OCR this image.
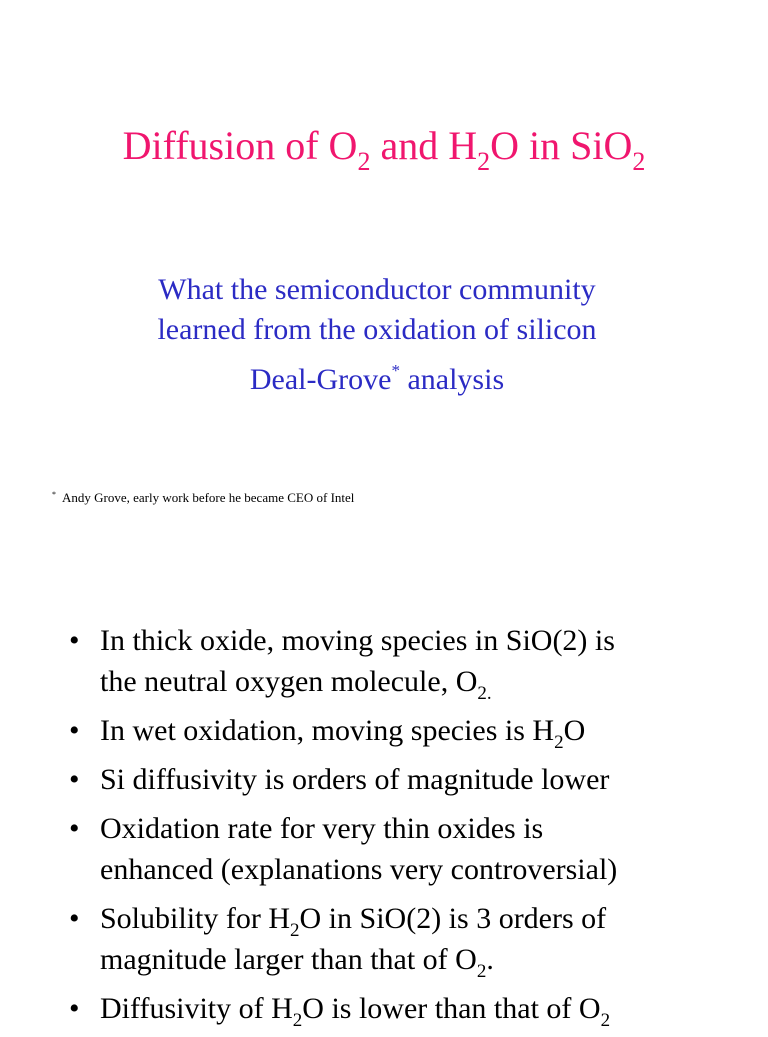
Diffusion of $O_2$ and $H_2O$ in SiO$_2$
What the semiconductor community
learned from the oxidation of silicon
Deal-Grove* analysis
* Andy Grove, early work before he became CEO of Intel
• In thick oxide, moving species in SiO(2) is
the neutral oxygen molecule, $O_{2.}$
• In wet oxidation, moving species is $H_2O$
• Si diffusivity is orders of magnitude lower
• Oxidation rate for very thin oxides is
enhanced (explanations very controversial)
• Solubility for $H_2O$ in SiO(2) is 3 orders of
magnitude larger than that of $O_2$.
• Diffusivity of $H_2O$ is lower than that of $O_2$
